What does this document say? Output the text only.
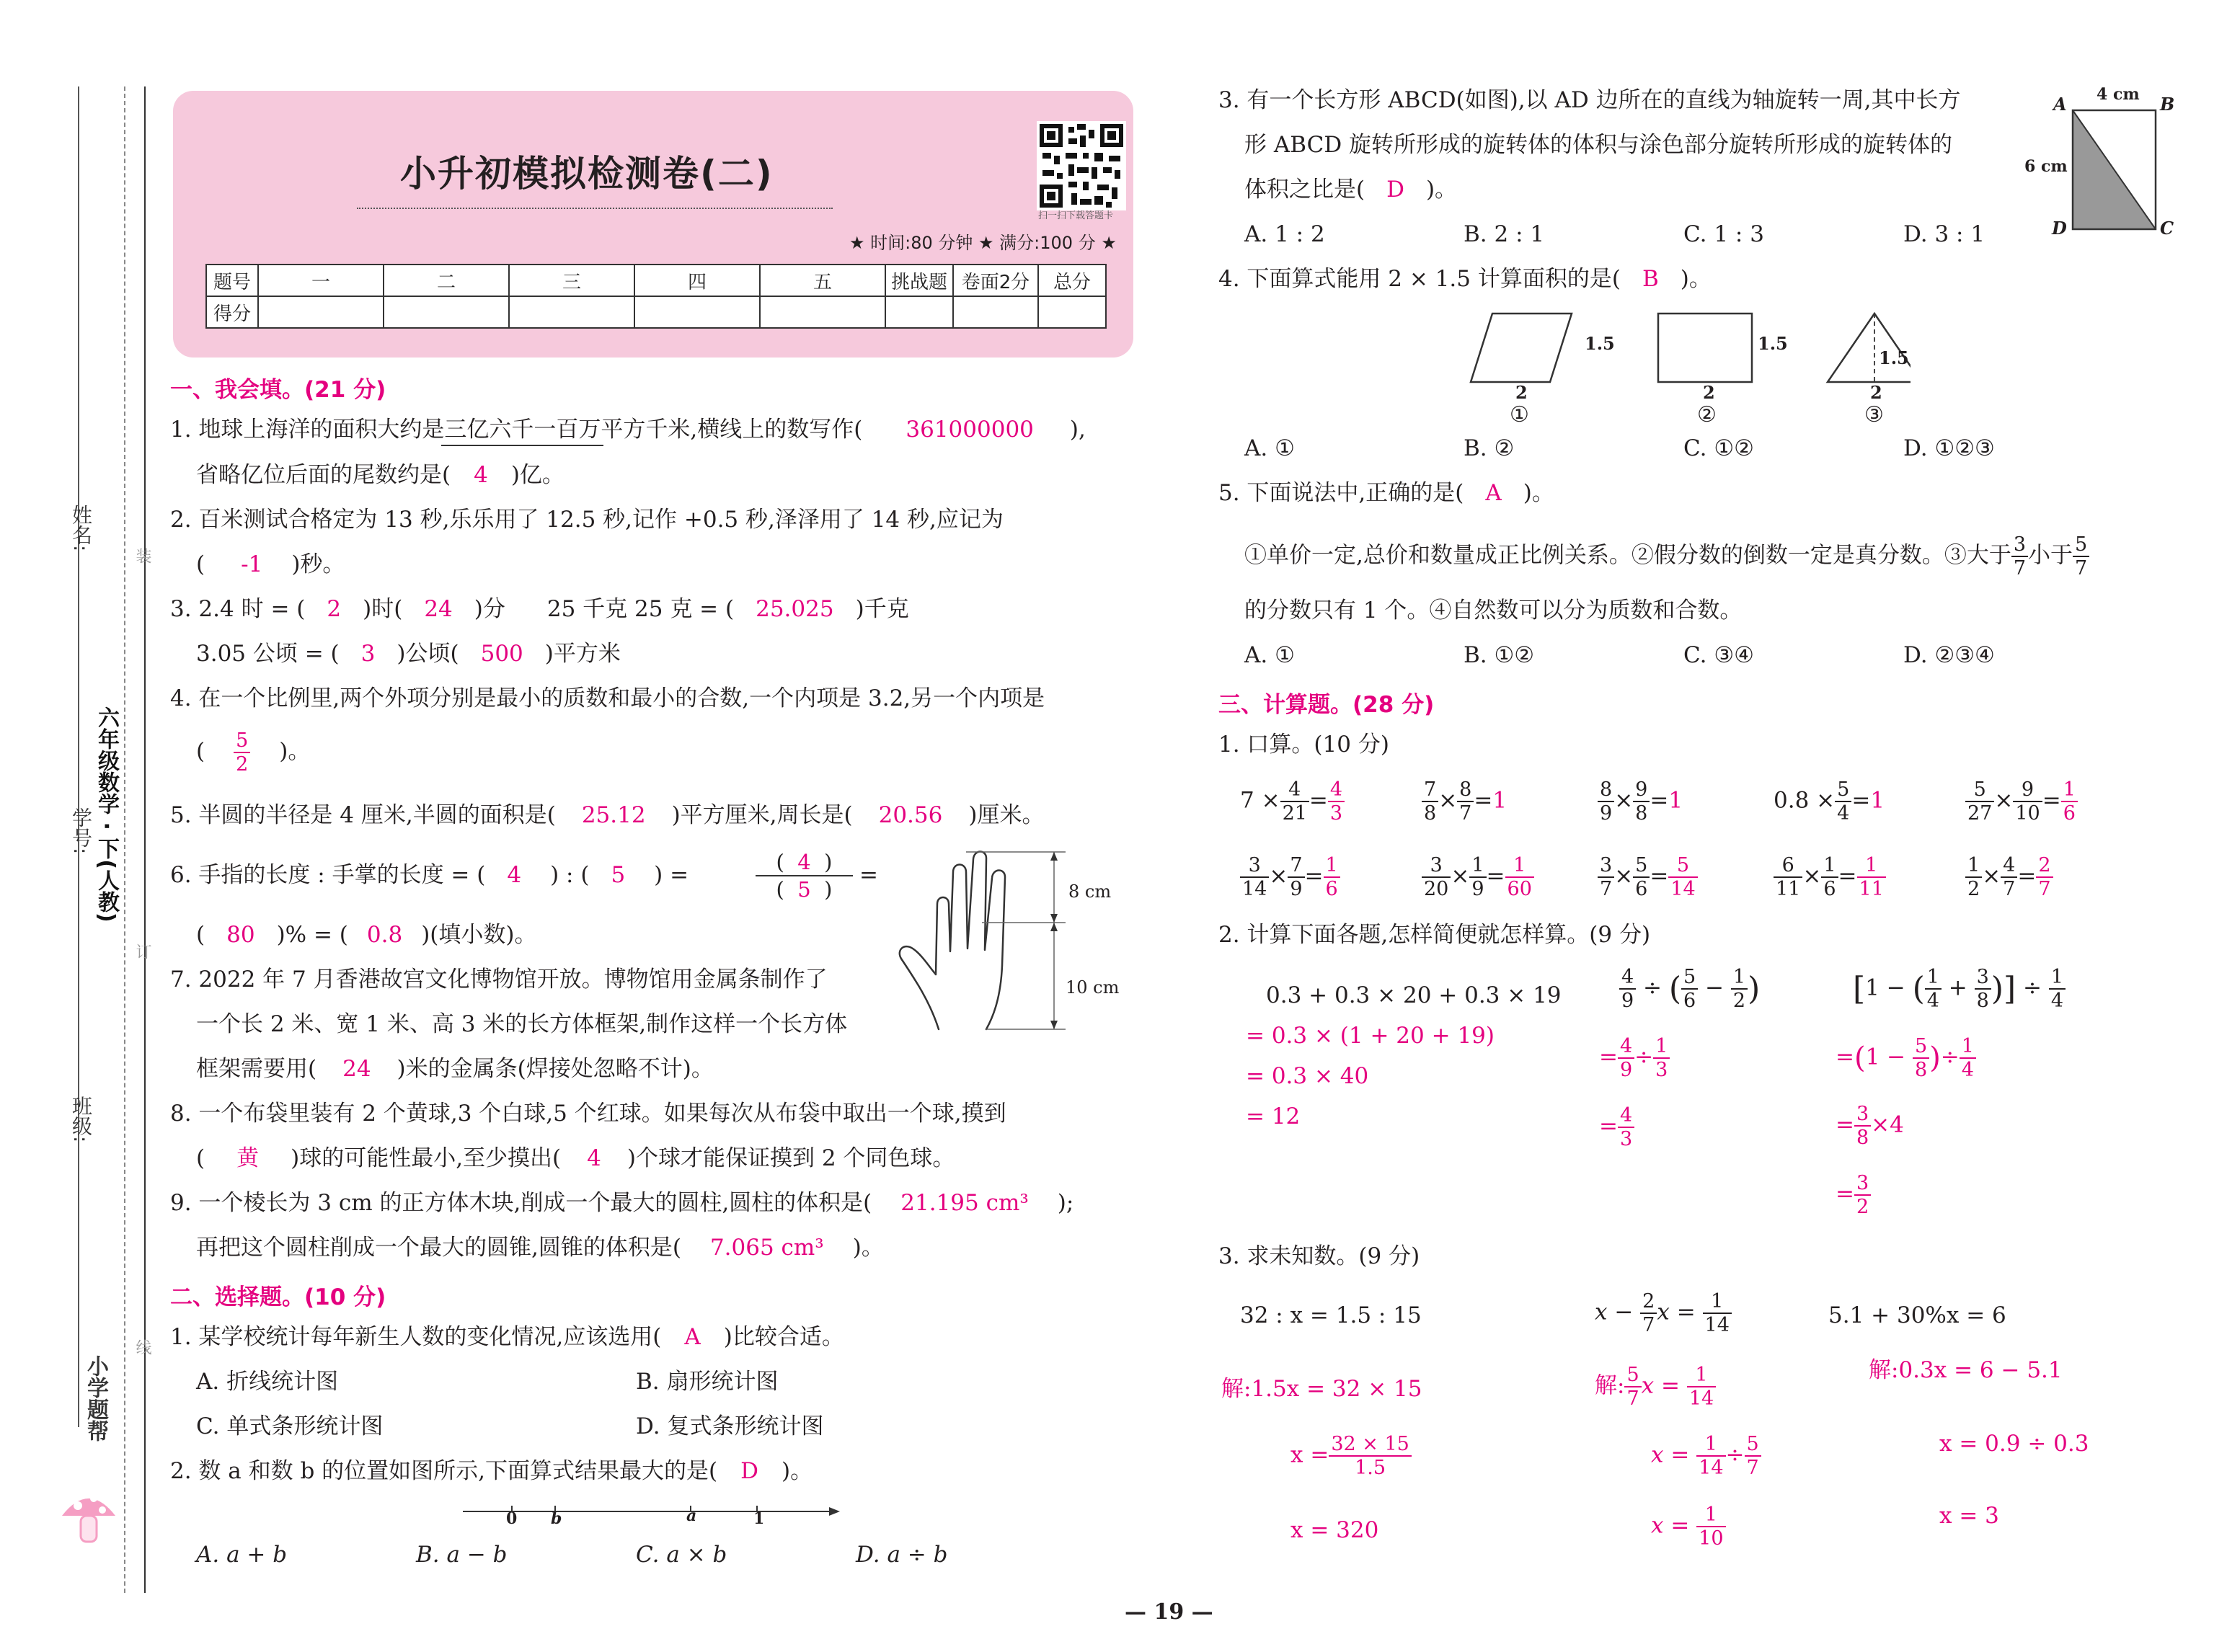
姓名:
学号:
班级:
六年级数学 · 下(人教) 装 订 线
小学题帮
小升初模拟检测卷(二)
扫一扫下载答题卡
★ 时间:80 分钟 ★ 满分:100 分 ★
题号	一	二	三	四	五	挑战题	卷面2分	总分
得分								
一、我会填。(21 分)
1. 地球上海洋的面积大约是三亿六千一百万平方千米,横线上的数写作( 361000000 ),
省略亿位后面的尾数约是( 4 )亿。
2. 百米测试合格定为 13 秒,乐乐用了 12.5 秒,记作 +0.5 秒,泽泽用了 14 秒,应记为
( -1 )秒。
3. 2.4 时 = ( 2 )时( 24 )分 25 千克 25 克 = ( 25.025 )千克
3.05 公顷 = ( 3 )公顷( 500 )平方米
4. 在一个比例里,两个外项分别是最小的质数和最小的合数,一个内项是 3.2,另一个内项是
( $\frac{5}{2}$ )。
5. 半圆的半径是 4 厘米,半圆的面积是( 25.12 )平方厘米,周长是( 20.56 )厘米。
6. 手指的长度 : 手掌的长度 = ( 4 ) : ( 5 ) =	(  4  )
(  5  )
=
( 80 )% = ( 0.8 )(填小数)。
8 cm
10 cm
7. 2022 年 7 月香港故宫文化博物馆开放。博物馆用金属条制作了
一个长 2 米、宽 1 米、高 3 米的长方体框架,制作这样一个长方体
框架需要用( 24 )米的金属条(焊接处忽略不计)。
8. 一个布袋里装有 2 个黄球,3 个白球,5 个红球。如果每次从布袋中取出一个球,摸到
( 黄 )球的可能性最小,至少摸出( 4 )个球才能保证摸到 2 个同色球。
9. 一个棱长为 3 cm 的正方体木块,削成一个最大的圆柱,圆柱的体积是( 21.195 cm³ );
再把这个圆柱削成一个最大的圆锥,圆锥的体积是( 7.065 cm³ )。
二、选择题。(10 分)
1. 某学校统计每年新生人数的变化情况,应该选用( A )比较合适。
A. 折线统计图	B. 扇形统计图
C. 单式条形统计图	D. 复式条形统计图
2. 数 a 和数 b 的位置如图所示,下面算式结果最大的是( D )。
0 b	a	1
A. a + b	B. a − b	C. a × b	D. a ÷ b
3. 有一个长方形 ABCD(如图),以 AD 边所在的直线为轴旋转一周,其中长方
形 ABCD 旋转所形成的旋转体的体积与涂色部分旋转所形成的旋转体的
体积之比是( D )。
A. 1 : 2	B. 2 : 1	C. 1 : 3	D. 3 : 1
A	B
C
D
4 cm
6 cm
4. 下面算式能用 2 × 1.5 计算面积的是( B )。
1.5	1.5
1.5
2	2	2
①	②	③
A. ①	B. ②	C. ①②	D. ①②③
5. 下面说法中,正确的是( A )。
①单价一定,总价和数量成正比例关系。②假分数的倒数一定是真分数。③大于 $\frac{3}{7}$ 小于 $\frac{5}{7}$
的分数只有 1 个。④自然数可以分为质数和合数。
A. ①	B. ①②	C. ③④	D. ②③④
三、计算题。(28 分)
1. 口算。(10 分)
$7 \times \frac{4}{21} = \frac{4}{3}$	$\frac{7}{8} \times \frac{8}{7} =1$	$\frac{8}{9} \times \frac{9}{8} =1$	$0.8 \times \frac{5}{4} =1$	$\frac{5}{27} \times \frac{9}{10} = \frac{1}{6}$
$\frac{3}{14} \times \frac{7}{9} = \frac{1}{6}$	$\frac{3}{20} \times \frac{1}{9} = \frac{1}{60}$	$\frac{3}{7} \times \frac{5}{6} = \frac{5}{14}$	$\frac{6}{11} \times \frac{1}{6} = \frac{1}{11}$	$\frac{1}{2} \times \frac{4}{7} = \frac{2}{7}$
2. 计算下面各题,怎样简便就怎样算。(9 分)
0.3 + 0.3 × 20 + 0.3 × 19
= 0.3 × (1 + 20 + 19)
= 0.3 × 40
= 12
$\frac{4}{9}$ ÷ ( $\frac{5}{6} - \frac{1}{2}$ )
= $\frac{4}{9} \div \frac{1}{3}$
= $\frac{4}{3}$
[1 − ( $\frac{1}{4} + \frac{3}{8}$ )] ÷ $\frac{1}{4}$
$=(1 - \frac{5}{8}$ )÷ $\frac{1}{4}$
= $\frac{3}{8} \times 4$
= $\frac{3}{2}$
3. 求未知数。(9 分)
32 : x = 1.5 : 15
解:1.5x = 32 × 15
$x = \frac{32 \times 15}{1.5}$
x = 320
$x - \frac{2}{7}$ $x = \frac{1}{14}$
解: $\frac{5}{7}$ $x = \frac{1}{14}$
$x = \frac{1}{14} \div \frac{5}{7}$
$x = \frac{1}{10}$
5.1 + 30%x = 6
解:0.3x = 6 − 5.1
x = 0.9 ÷ 0.3
x = 3
— 19 —
